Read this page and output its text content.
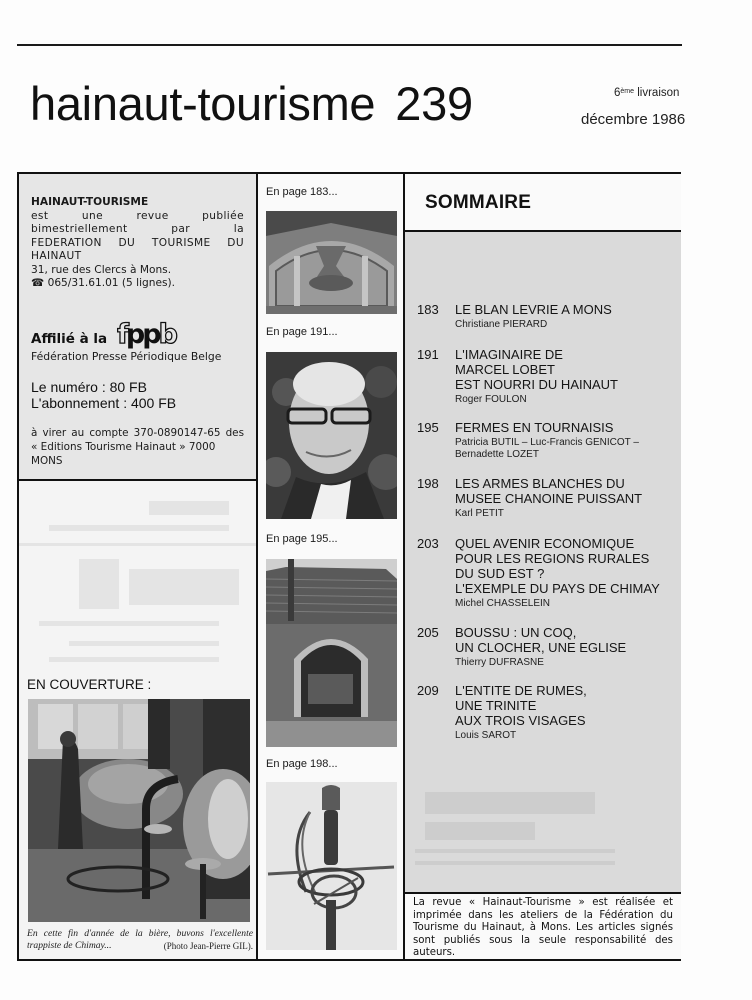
hainaut-tourisme 239	6ème livraison
décembre 1986
HAINAUT-TOURISME
est une revue publiée bimestriellement par la
FEDERATION DU TOURISME DU HAINAUT
31, rue des Clercs à Mons.
☎ 065/31.61.01 (5 lignes).
Affilié à la fppb
Fédération Presse Périodique Belge
Le numéro : 80 FB
L'abonnement : 400 FB
à virer au compte 370-0890147-65 des
« Editions Tourisme Hainaut » 7000 MONS
EN COUVERTURE :
En cette fin d'année de la bière, buvons l'excellente
trappiste de Chimay...	(Photo Jean-Pierre GIL).
En page 183...
En page 191...
En page 195...
En page 198...
SOMMAIRE
183	LE BLAN LEVRIE A MONS
Christiane PIERARD
191	L'IMAGINAIRE DE
MARCEL LOBET
EST NOURRI DU HAINAUT
Roger FOULON
195	FERMES EN TOURNAISIS
Patricia BUTIL – Luc-Francis GENICOT –
Bernadette LOZET
198	LES ARMES BLANCHES DU
MUSEE CHANOINE PUISSANT
Karl PETIT
203	QUEL AVENIR ECONOMIQUE
POUR LES REGIONS RURALES
DU SUD EST ?
L'EXEMPLE DU PAYS DE CHIMAY
Michel CHASSELEIN
205	BOUSSU : UN COQ,
UN CLOCHER, UNE EGLISE
Thierry DUFRASNE
209	L'ENTITE DE RUMES,
UNE TRINITE
AUX TROIS VISAGES
Louis SAROT

La revue « Hainaut-Tourisme » est réalisée et imprimée dans les ateliers de la Fédération du Tourisme du Hainaut, à Mons. Les articles signés sont publiés sous la seule responsabilité des auteurs.
